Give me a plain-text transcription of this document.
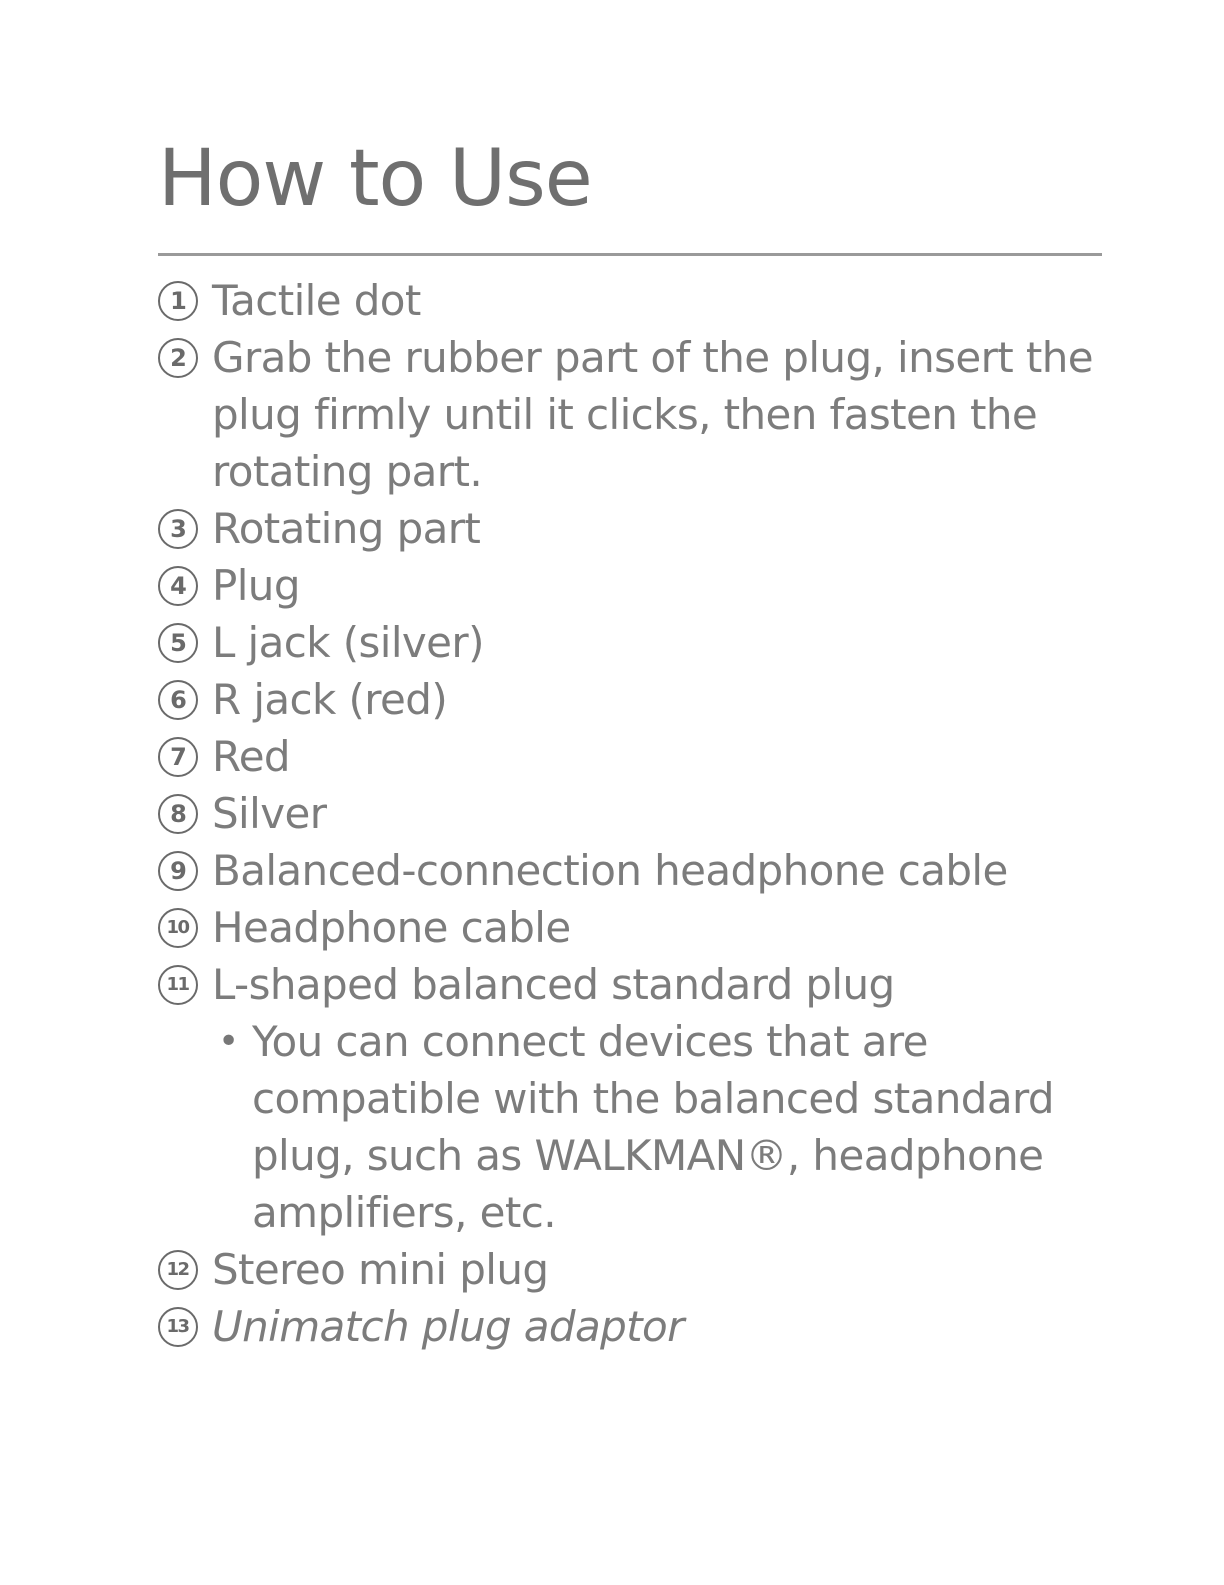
How to Use
1 Tactile dot
2 Grab the rubber part of the plug, insert the plug firmly until it clicks, then fasten the rotating part.
3 Rotating part
4 Plug
5 L jack (silver)
6 R jack (red)
7 Red
8 Silver
9 Balanced-connection headphone cable
10 Headphone cable
11 L-shaped balanced standard plug
• You can connect devices that are compatible with the balanced standard plug, such as WALKMAN®, headphone amplifiers, etc.
12 Stereo mini plug
13 Unimatch plug adaptor
